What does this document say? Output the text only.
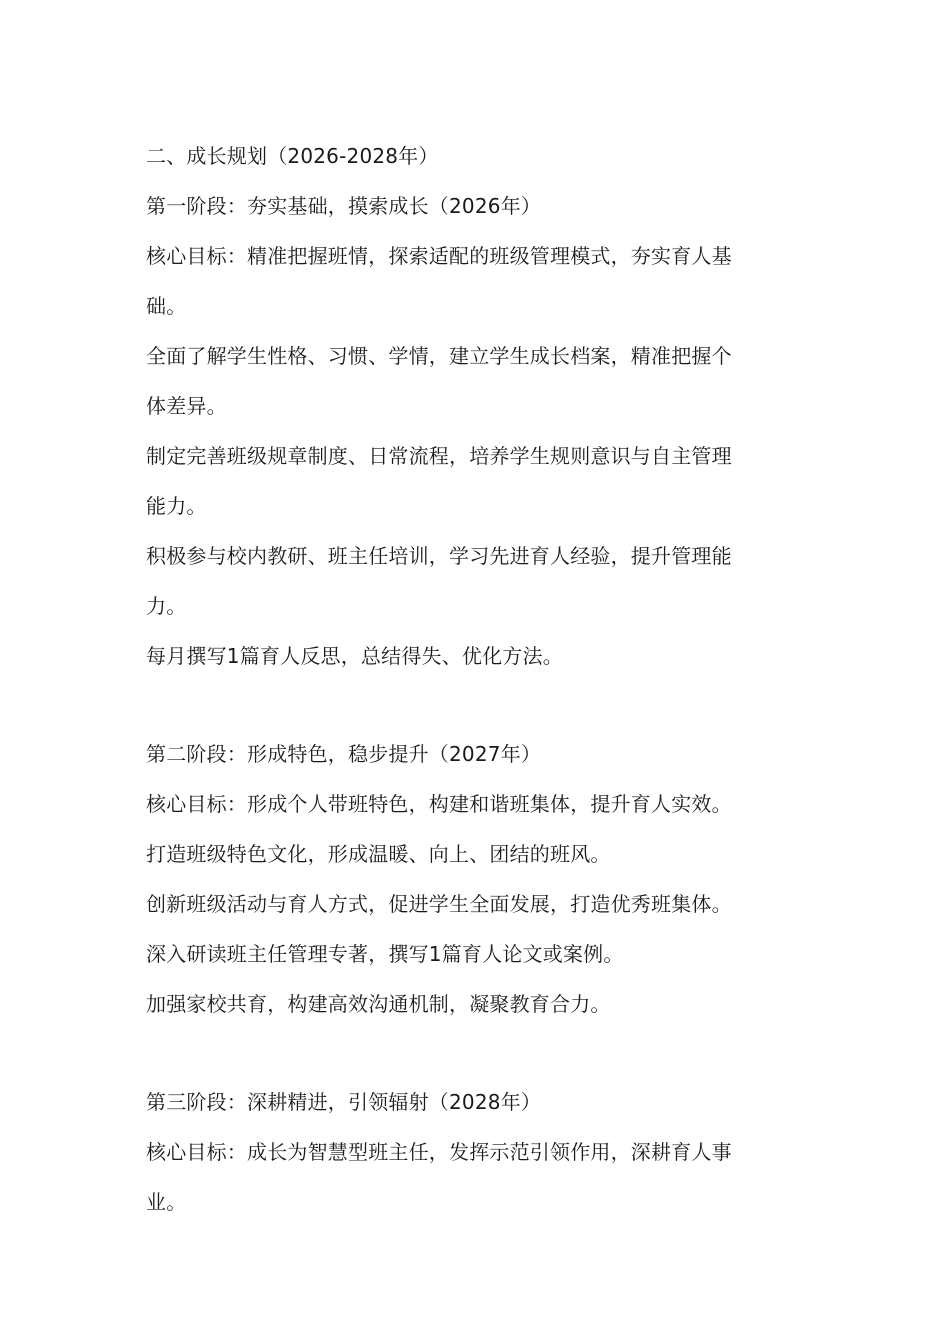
二、成长规划（2026-2028年）

第一阶段：夯实基础，摸索成长（2026年）

核心目标：精准把握班情，探索适配的班级管理模式，夯实育人基

础。

全面了解学生性格、习惯、学情，建立学生成长档案，精准把握个

体差异。

制定完善班级规章制度、日常流程，培养学生规则意识与自主管理

能力。

积极参与校内教研、班主任培训，学习先进育人经验，提升管理能

力。

每月撰写1篇育人反思，总结得失、优化方法。

第二阶段：形成特色，稳步提升（2027年）

核心目标：形成个人带班特色，构建和谐班集体，提升育人实效。

打造班级特色文化，形成温暖、向上、团结的班风。

创新班级活动与育人方式，促进学生全面发展，打造优秀班集体。

深入研读班主任管理专著，撰写1篇育人论文或案例。

加强家校共育，构建高效沟通机制，凝聚教育合力。

第三阶段：深耕精进，引领辐射（2028年）

核心目标：成长为智慧型班主任，发挥示范引领作用，深耕育人事

业。
